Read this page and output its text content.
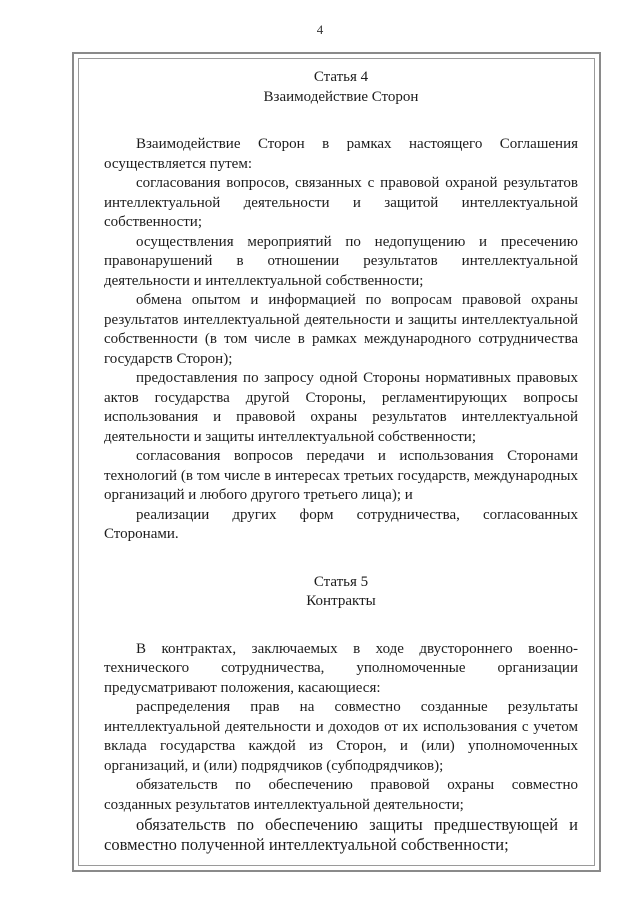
4

Статья 4

Взаимодействие Сторон

Взаимодействие Сторон в рамках настоящего Соглашения осуществляется путем:

согласования вопросов, связанных с правовой охраной результатов интеллектуальной деятельности и защитой интеллектуальной собственности;

осуществления мероприятий по недопущению и пресечению правонарушений в отношении результатов интеллектуальной деятельности и интеллектуальной собственности;

обмена опытом и информацией по вопросам правовой охраны результатов интеллектуальной деятельности и защиты интеллектуальной собственности (в том числе в рамках международного сотрудничества государств Сторон);

предоставления по запросу одной Стороны нормативных правовых актов государства другой Стороны, регламентирующих вопросы использования и правовой охраны результатов интеллектуальной деятельности и защиты интеллектуальной собственности;

согласования вопросов передачи и использования Сторонами технологий (в том числе в интересах третьих государств, международных организаций и любого другого третьего лица); и

реализации других форм сотрудничества, согласованных Сторонами.

Статья 5

Контракты

В контрактах, заключаемых в ходе двустороннего военно-технического сотрудничества, уполномоченные организации предусматривают положения, касающиеся:

распределения прав на совместно созданные результаты интеллектуальной деятельности и доходов от их использования с учетом вклада государства каждой из Сторон, и (или) уполномоченных организаций, и (или) подрядчиков (субподрядчиков);

обязательств по обеспечению правовой охраны совместно созданных результатов интеллектуальной деятельности;

обязательств по обеспечению защиты предшествующей и совместно полученной интеллектуальной собственности;
